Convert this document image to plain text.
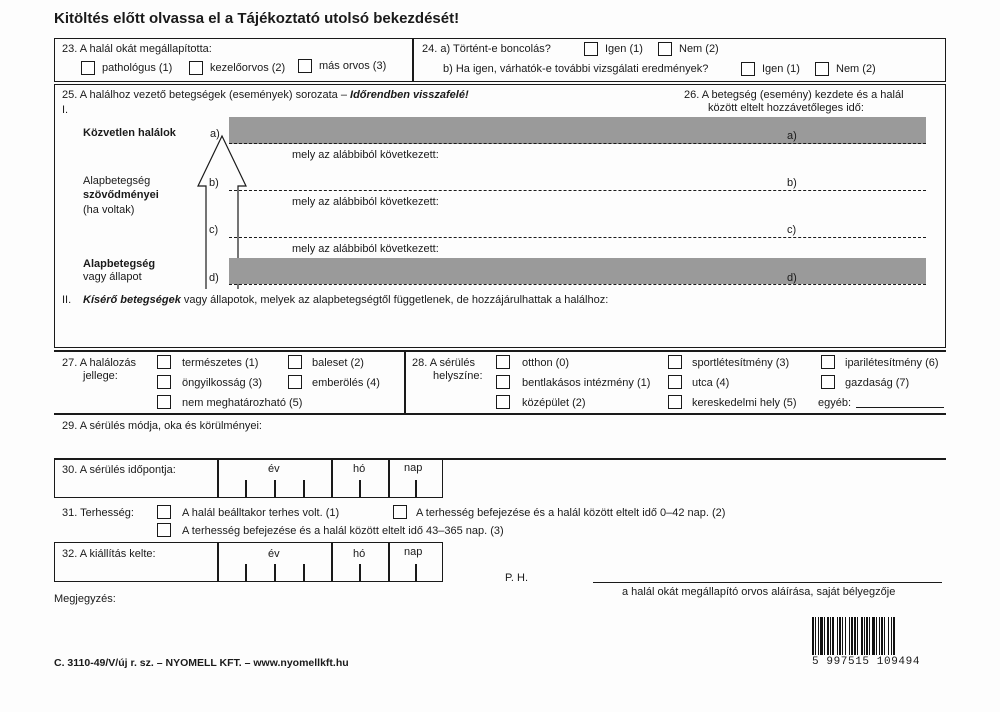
Kitöltés előtt olvassa el a Tájékoztató utolsó bekezdését!
23. A halál okát megállapította:
pathológus (1)	kezelőorvos (2)	más orvos (3)
24. a) Történt-e boncolás?	Igen (1)	Nem (2)
b) Ha igen, várhatók-e további vizsgálati eredmények?	Igen (1)	Nem (2)
25. A halálhoz vezető betegségek (események) sorozata – Időrendben visszafelé!
I.
26. A betegség (esemény) kezdete és a halál
között eltelt hozzávetőleges idő:
Közvetlen halálok	a)	a)
mely az alábbiból következett:
Alapbetegség
szövődményei
(ha voltak)
b)	b)
mely az alábbiból következett:
c)	c)
mely az alábbiból következett:
Alapbetegség
vagy állapot	d)	d)
II. Kísérő betegségek vagy állapotok, melyek az alapbetegségtől függetlenek, de hozzájárulhattak a halálhoz:
27. A halálozás
jellege:
természetes (1)	baleset (2)
öngyilkosság (3)	emberölés (4)
nem meghatározható (5)
28. A sérülés
helyszíne:
otthon (0)	sportlétesítmény (3)	iparilétesítmény (6)
bentlakásos intézmény (1)	utca (4)	gazdaság (7)
középület (2)	kereskedelmi hely (5) egyéb:
29. A sérülés módja, oka és körülményei:
30. A sérülés időpontja:	év	hó	nap
31. Terhesség:	A halál beálltakor terhes volt. (1)	A terhesség befejezése és a halál között eltelt idő 0–42 nap. (2)
A terhesség befejezése és a halál között eltelt idő 43–365 nap. (3)
32. A kiállítás kelte:	év	hó	nap
P. H.
a halál okát megállapító orvos aláírása, saját bélyegzője
Megjegyzés:
C. 3110-49/V/új r. sz. – NYOMELL KFT. – www.nyomellkft.hu	5 997515 109494
